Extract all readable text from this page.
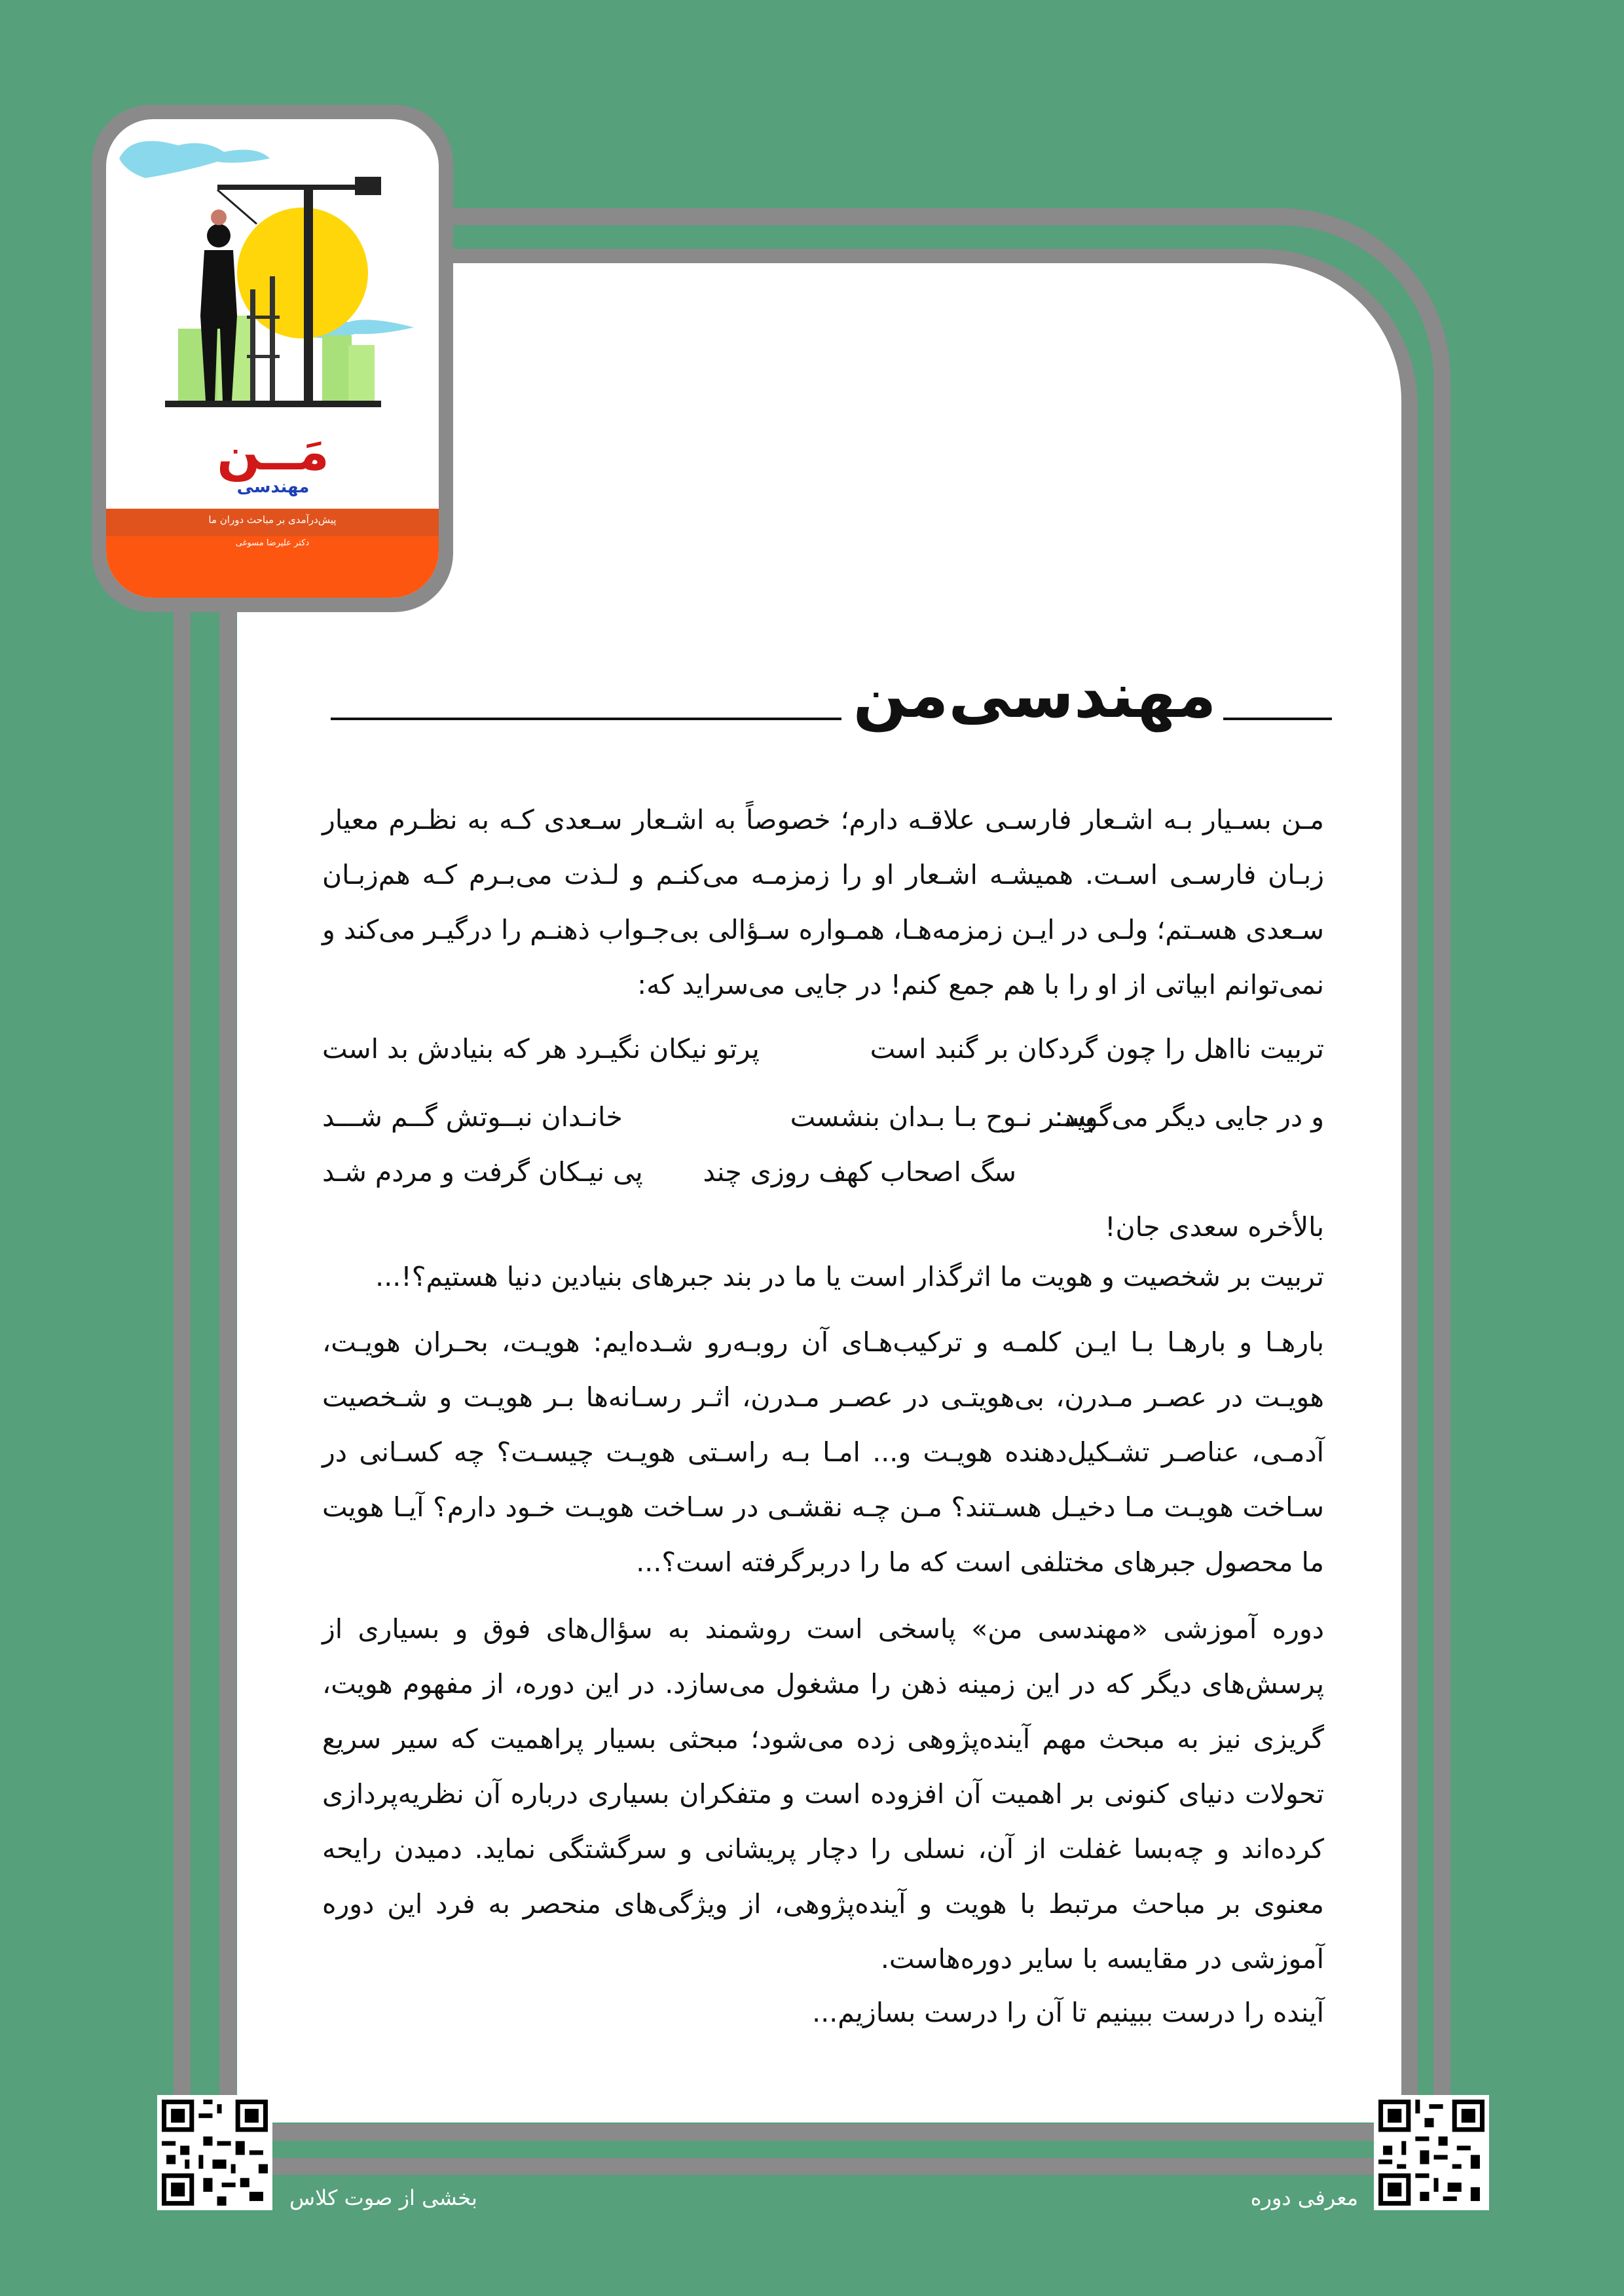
مَــن
مهندسی
پیش‌درآمدی بر مباحث دوران ما
دکتر علیرضا مسوغی
مهندسی‌من
مـن بسـیار بـه اشـعار فارسـی علاقـه دارم؛ خصوصاً به اشـعار سـعدی کـه به نظـرم معیار زبـان فارسـی اسـت. همیشـه اشـعار او را زمزمـه می‌کنـم و لـذت می‌بـرم کـه هم‌زبـان سـعدی هسـتم؛ ولـی در ایـن زمزمه‌هـا، همـواره سـؤالی بی‌جـواب ذهنـم را درگیـر می‌کند و نمی‌توانم ابیاتی از او را با هم جمع کنم! در جایی می‌سراید که:
تربیت نااهل را چون گردکان بر گنبد است
پرتو نیکان نگیـرد هر که بنیادش بد است
و در جایی دیگر می‌گوید:
پسـر نـوح بـا بـدان بنشست
خانـدان نبــوتش گــم شـــد
سگ اصحاب کهف روزی چند
پی نیـکان گرفت و مردم شـد
بالأخره سعدی جان!
تربیت بر شخصیت و هویت ما اثرگذار است یا ما در بند جبرهای بنیادین دنیا هستیم؟!...
بارهـا و بارهـا بـا ایـن کلمـه و ترکیب‌هـای آن روبـه‌رو شـده‌ایم: هویـت، بحـران هویـت، هویـت در عصـر مـدرن، بی‌هویتـی در عصـر مـدرن، اثـر رسـانه‌ها بـر هویـت و شـخصیت آدمـی، عناصـر تشـکیل‌دهنده هویـت و... امـا بـه راسـتی هویـت چیسـت؟ چه کسـانی در سـاخت هویـت مـا دخیـل هسـتند؟ مـن چـه نقشـی در سـاخت هویـت خـود دارم؟ آیـا هویت ما محصول جبرهای مختلفی است که ما را دربرگرفته است؟...
دوره آموزشی «مهندسی من» پاسخی است روشمند به سؤال‌های فوق و بسیاری از پرسش‌های دیگر که در این زمینه ذهن را مشغول می‌سازد. در این دوره، از مفهوم هویت، گریزی نیز به مبحث مهم آینده‌پژوهی زده می‌شود؛ مبحثی بسیار پراهمیت که سیر سریع تحولات دنیای کنونی بر اهمیت آن افزوده است و متفکران بسیاری درباره آن نظریه‌پردازی کرده‌اند و چه‌بسا غفلت از آن، نسلی را دچار پریشانی و سرگشتگی نماید. دمیدن رایحه معنوی بر مباحث مرتبط با هویت و آینده‌پژوهی، از ویژگی‌های منحصر به فرد این دوره آموزشی در مقایسه با سایر دوره‌هاست.
آینده را درست ببینیم تا آن را درست بسازیم...
بخشی از صوت کلاس	معرفی دوره
